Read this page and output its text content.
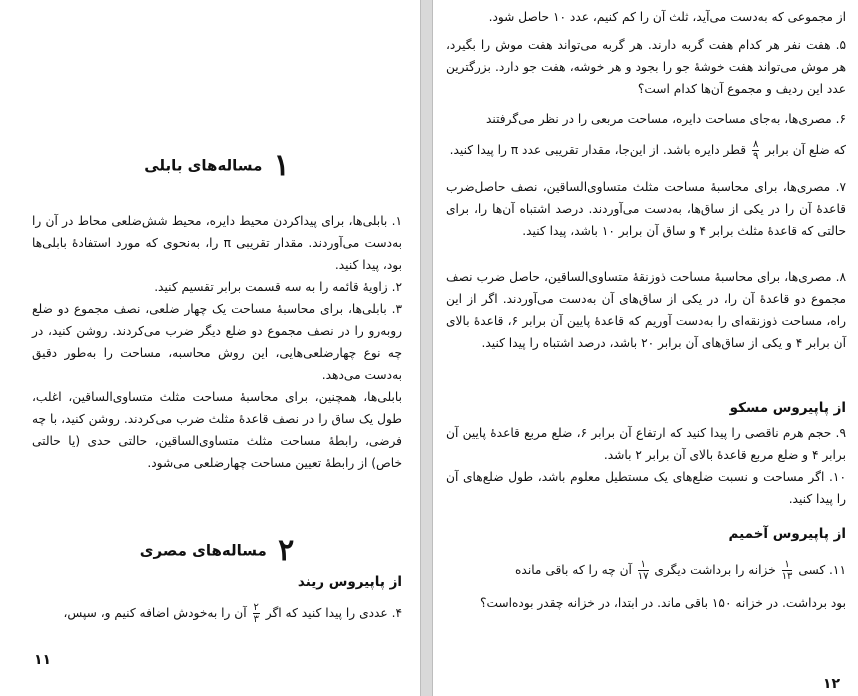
۱ مساله‌های بابلی

۱. بابلی‌ها، برای پیداکردن محیط دایره، محیط شش‌ضلعی محاط در آن را به‌دست می‌آوردند. مقدار تقریبی π را، به‌نحوی که مورد استفادهٔ بابلی‌ها بود، پیدا کنید.

۲. زاویهٔ قائمه را به سه قسمت برابر تقسیم کنید.

۳. بابلی‌ها، برای محاسبهٔ مساحت یک چهار ضلعی، نصف مجموع دو ضلع روبه‌رو را در نصف مجموع دو ضلع دیگر ضرب می‌کردند. روشن کنید، در چه نوع چهارضلعی‌هایی، این روش محاسبه، مساحت را به‌طور دقیق به‌دست می‌دهد.

بابلی‌ها، همچنین، برای محاسبهٔ مساحت مثلث متساوی‌الساقین، اغلب، طول یک ساق را در نصف قاعدهٔ مثلث ضرب می‌کردند. روشن کنید، با چه فرضی، رابطهٔ مساحت مثلث متساوی‌الساقین، حالتی حدی (یا حالتی خاص) از رابطهٔ تعیین مساحت چهارضلعی می‌شود.

۲ مساله‌های مصری
از پاپیروس ریند

۴. عددی را پیدا کنید که اگر
۲
۳
آن را به‌خودش اضافه کنیم و، سپس،

۱۱

از مجموعی که به‌دست می‌آید، ثلث آن را کم کنیم، عدد ۱۰ حاصل شود.

۵. هفت نفر هر کدام هفت گربه دارند. هر گربه می‌تواند هفت موش را بگیرد، هر موش می‌تواند هفت خوشهٔ جو را بجود و هر خوشه، هفت جو دارد. بزرگترین عدد این ردیف و مجموع آن‌ها کدام است؟

۶. مصری‌ها، به‌جای مساحت دایره، مساحت مربعی را در نظر می‌گرفتند

که ضلع آن برابر
۸
۹
قطر دایره باشد. از این‌جا، مقدار تقریبی عدد π را پیدا کنید.

۷. مصری‌ها، برای محاسبهٔ مساحت مثلث متساوی‌الساقین، نصف حاصل‌ضرب قاعدهٔ آن را در یکی از ساق‌ها، به‌دست می‌آوردند. درصد اشتباه آن‌ها را، برای حالتی که قاعدهٔ مثلث برابر ۴ و ساق آن برابر ۱۰ باشد، پیدا کنید.

۸. مصری‌ها، برای محاسبهٔ مساحت ذوزنقهٔ متساوی‌الساقین، حاصل ضرب نصف مجموع دو قاعدهٔ آن را، در یکی از ساق‌های آن به‌دست می‌آوردند. اگر از این راه، مساحت ذوزنقه‌ای را به‌دست آوریم که قاعدهٔ پایین آن برابر ۶، قاعدهٔ بالای آن برابر ۴ و یکی از ساق‌های آن برابر ۲۰ باشد، درصد اشتباه را پیدا کنید.

از پاپیروس مسکو

۹. حجم هرم ناقصی را پیدا کنید که ارتفاع آن برابر ۶، ضلع مربع قاعدهٔ پایین آن برابر ۴ و ضلع مربع قاعدهٔ بالای آن برابر ۲ باشد.

۱۰. اگر مساحت و نسبت ضلع‌های یک مستطیل معلوم باشد، طول ضلع‌های آن را پیدا کنید.

از پاپیروس آخمیم

۱۱. کسی
۱
۱۳
خزانه را برداشت دیگری
۱
۱۷
آن چه را که باقی مانده

بود برداشت. در خزانه ۱۵۰ باقی ماند. در ابتدا، در خزانه چقدر بوده‌است؟

۱۲
